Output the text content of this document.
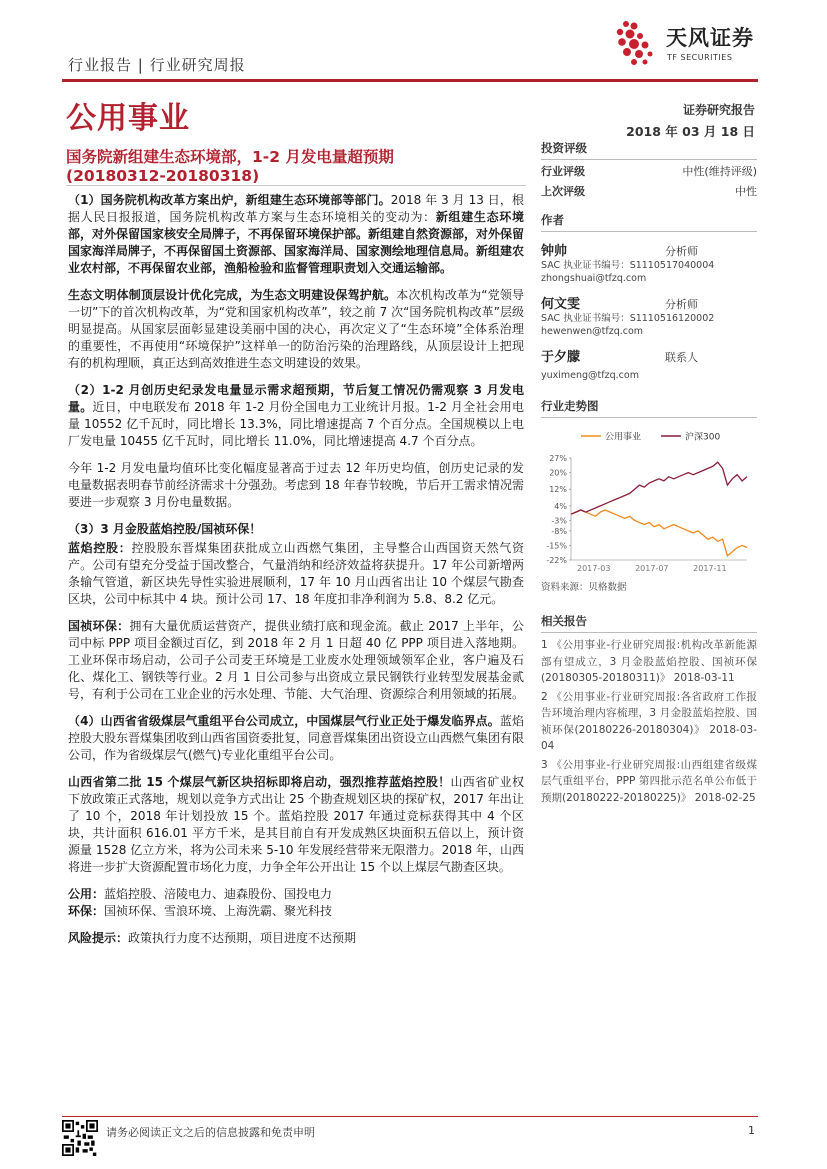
行业报告 | 行业研究周报
天风证券
TF SECURITIES
公用事业	证券研究报告
2018 年 03 月 18 日
国务院新组建生态环境部，1-2 月发电量超预期
(20180312-20180318)

（1）国务院机构改革方案出炉，新组建生态环境部等部门。2018 年 3 月 13 日，根据人民日报报道，国务院机构改革方案与生态环境相关的变动为：新组建生态环境部，对外保留国家核安全局牌子，不再保留环境保护部。新组建自然资源部，对外保留国家海洋局牌子，不再保留国土资源部、国家海洋局、国家测绘地理信息局。新组建农业农村部，不再保留农业部，渔船检验和监督管理职责划入交通运输部。

生态文明体制顶层设计优化完成，为生态文明建设保驾护航。本次机构改革为“党领导一切”下的首次机构改革，为“党和国家机构改革”，较之前 7 次“国务院机构改革”层级明显提高。从国家层面彰显建设美丽中国的决心，再次定义了“生态环境”全体系治理的重要性，不再使用“环境保护”这样单一的防治污染的治理路线，从顶层设计上把现有的机构理顺，真正达到高效推进生态文明建设的效果。

（2）1-2 月创历史纪录发电量显示需求超预期，节后复工情况仍需观察 3 月发电量。近日，中电联发布 2018 年 1-2 月份全国电力工业统计月报。1-2 月全社会用电量 10552 亿千瓦时，同比增长 13.3%，同比增速提高 7 个百分点。全国规模以上电厂发电量 10455 亿千瓦时，同比增长 11.0%，同比增速提高 4.7 个百分点。

今年 1-2 月发电量均值环比变化幅度显著高于过去 12 年历史均值，创历史记录的发电量数据表明春节前经济需求十分强劲。考虑到 18 年春节较晚，节后开工需求情况需要进一步观察 3 月份电量数据。

（3）3 月金股蓝焰控股/国祯环保！

蓝焰控股：控股股东晋煤集团获批成立山西燃气集团，主导整合山西国资天然气资产。公司有望充分受益于国改整合，气量消纳和经济效益将获提升。17 年公司新增两条输气管道，新区块先导性实验进展顺利，17 年 10 月山西省出让 10 个煤层气勘查区块，公司中标其中 4 块。预计公司 17、18 年度扣非净利润为 5.8、8.2 亿元。

国祯环保：拥有大量优质运营资产，提供业绩打底和现金流。截止 2017 上半年，公司中标 PPP 项目金额过百亿，到 2018 年 2 月 1 日超 40 亿 PPP 项目进入落地期。工业环保市场启动，公司子公司麦王环境是工业废水处理领域领军企业，客户遍及石化、煤化工、钢铁等行业。2 月 1 日公司参与出资成立景民钢铁行业转型发展基金贰号，有利于公司在工业企业的污水处理、节能、大气治理、资源综合利用领域的拓展。

（4）山西省省级煤层气重组平台公司成立，中国煤层气行业正处于爆发临界点。蓝焰控股大股东晋煤集团收到山西省国资委批复，同意晋煤集团出资设立山西燃气集团有限公司，作为省级煤层气(燃气)专业化重组平台公司。

山西省第二批 15 个煤层气新区块招标即将启动，强烈推荐蓝焰控股！山西省矿业权下放政策正式落地，规划以竞争方式出让 25 个勘查规划区块的探矿权，2017 年出让了 10 个，2018 年计划投放 15 个。蓝焰控股 2017 年通过竞标获得其中 4 个区块，共计面积 616.01 平方千米，是其目前自有开发成熟区块面积五倍以上，预计资源量 1528 亿立方米，将为公司未来 5-10 年发展经营带来无限潜力。2018 年，山西将进一步扩大资源配置市场化力度，力争全年公开出让 15 个以上煤层气勘查区块。

公用：蓝焰控股、涪陵电力、迪森股份、国投电力
环保：国祯环保、雪浪环境、上海洗霸、聚光科技
风险提示：政策执行力度不达预期，项目进度不达预期
投资评级
行业评级	中性(维持评级)
上次评级	中性
作者
钟帅	分析师
SAC 执业证书编号：S1110517040004
zhongshuai@tfzq.com
何文雯	分析师
SAC 执业证书编号：S1110516120002
hewenwen@tfzq.com
于夕朦	联系人
yuximeng@tfzq.com
行业走势图
公用事业	沪深300
27%
20%
12%
4%
-3%
-8%
-15%
-22%
2017-03	2017-07	2017-11
资料来源：贝格数据
相关报告
1 《公用事业-行业研究周报:机构改革新能源部有望成立，3 月金股蓝焰控股、国祯环保(20180305-20180311)》 2018-03-11
2 《公用事业-行业研究周报:各省政府工作报告环境治理内容梳理，3 月金股蓝焰控股、国祯环保(20180226-20180304)》 2018-03-04
3 《公用事业-行业研究周报:山西组建省级煤层气重组平台，PPP 第四批示范名单公布低于预期(20180222-20180225)》 2018-02-25
请务必阅读正文之后的信息披露和免责申明	1
